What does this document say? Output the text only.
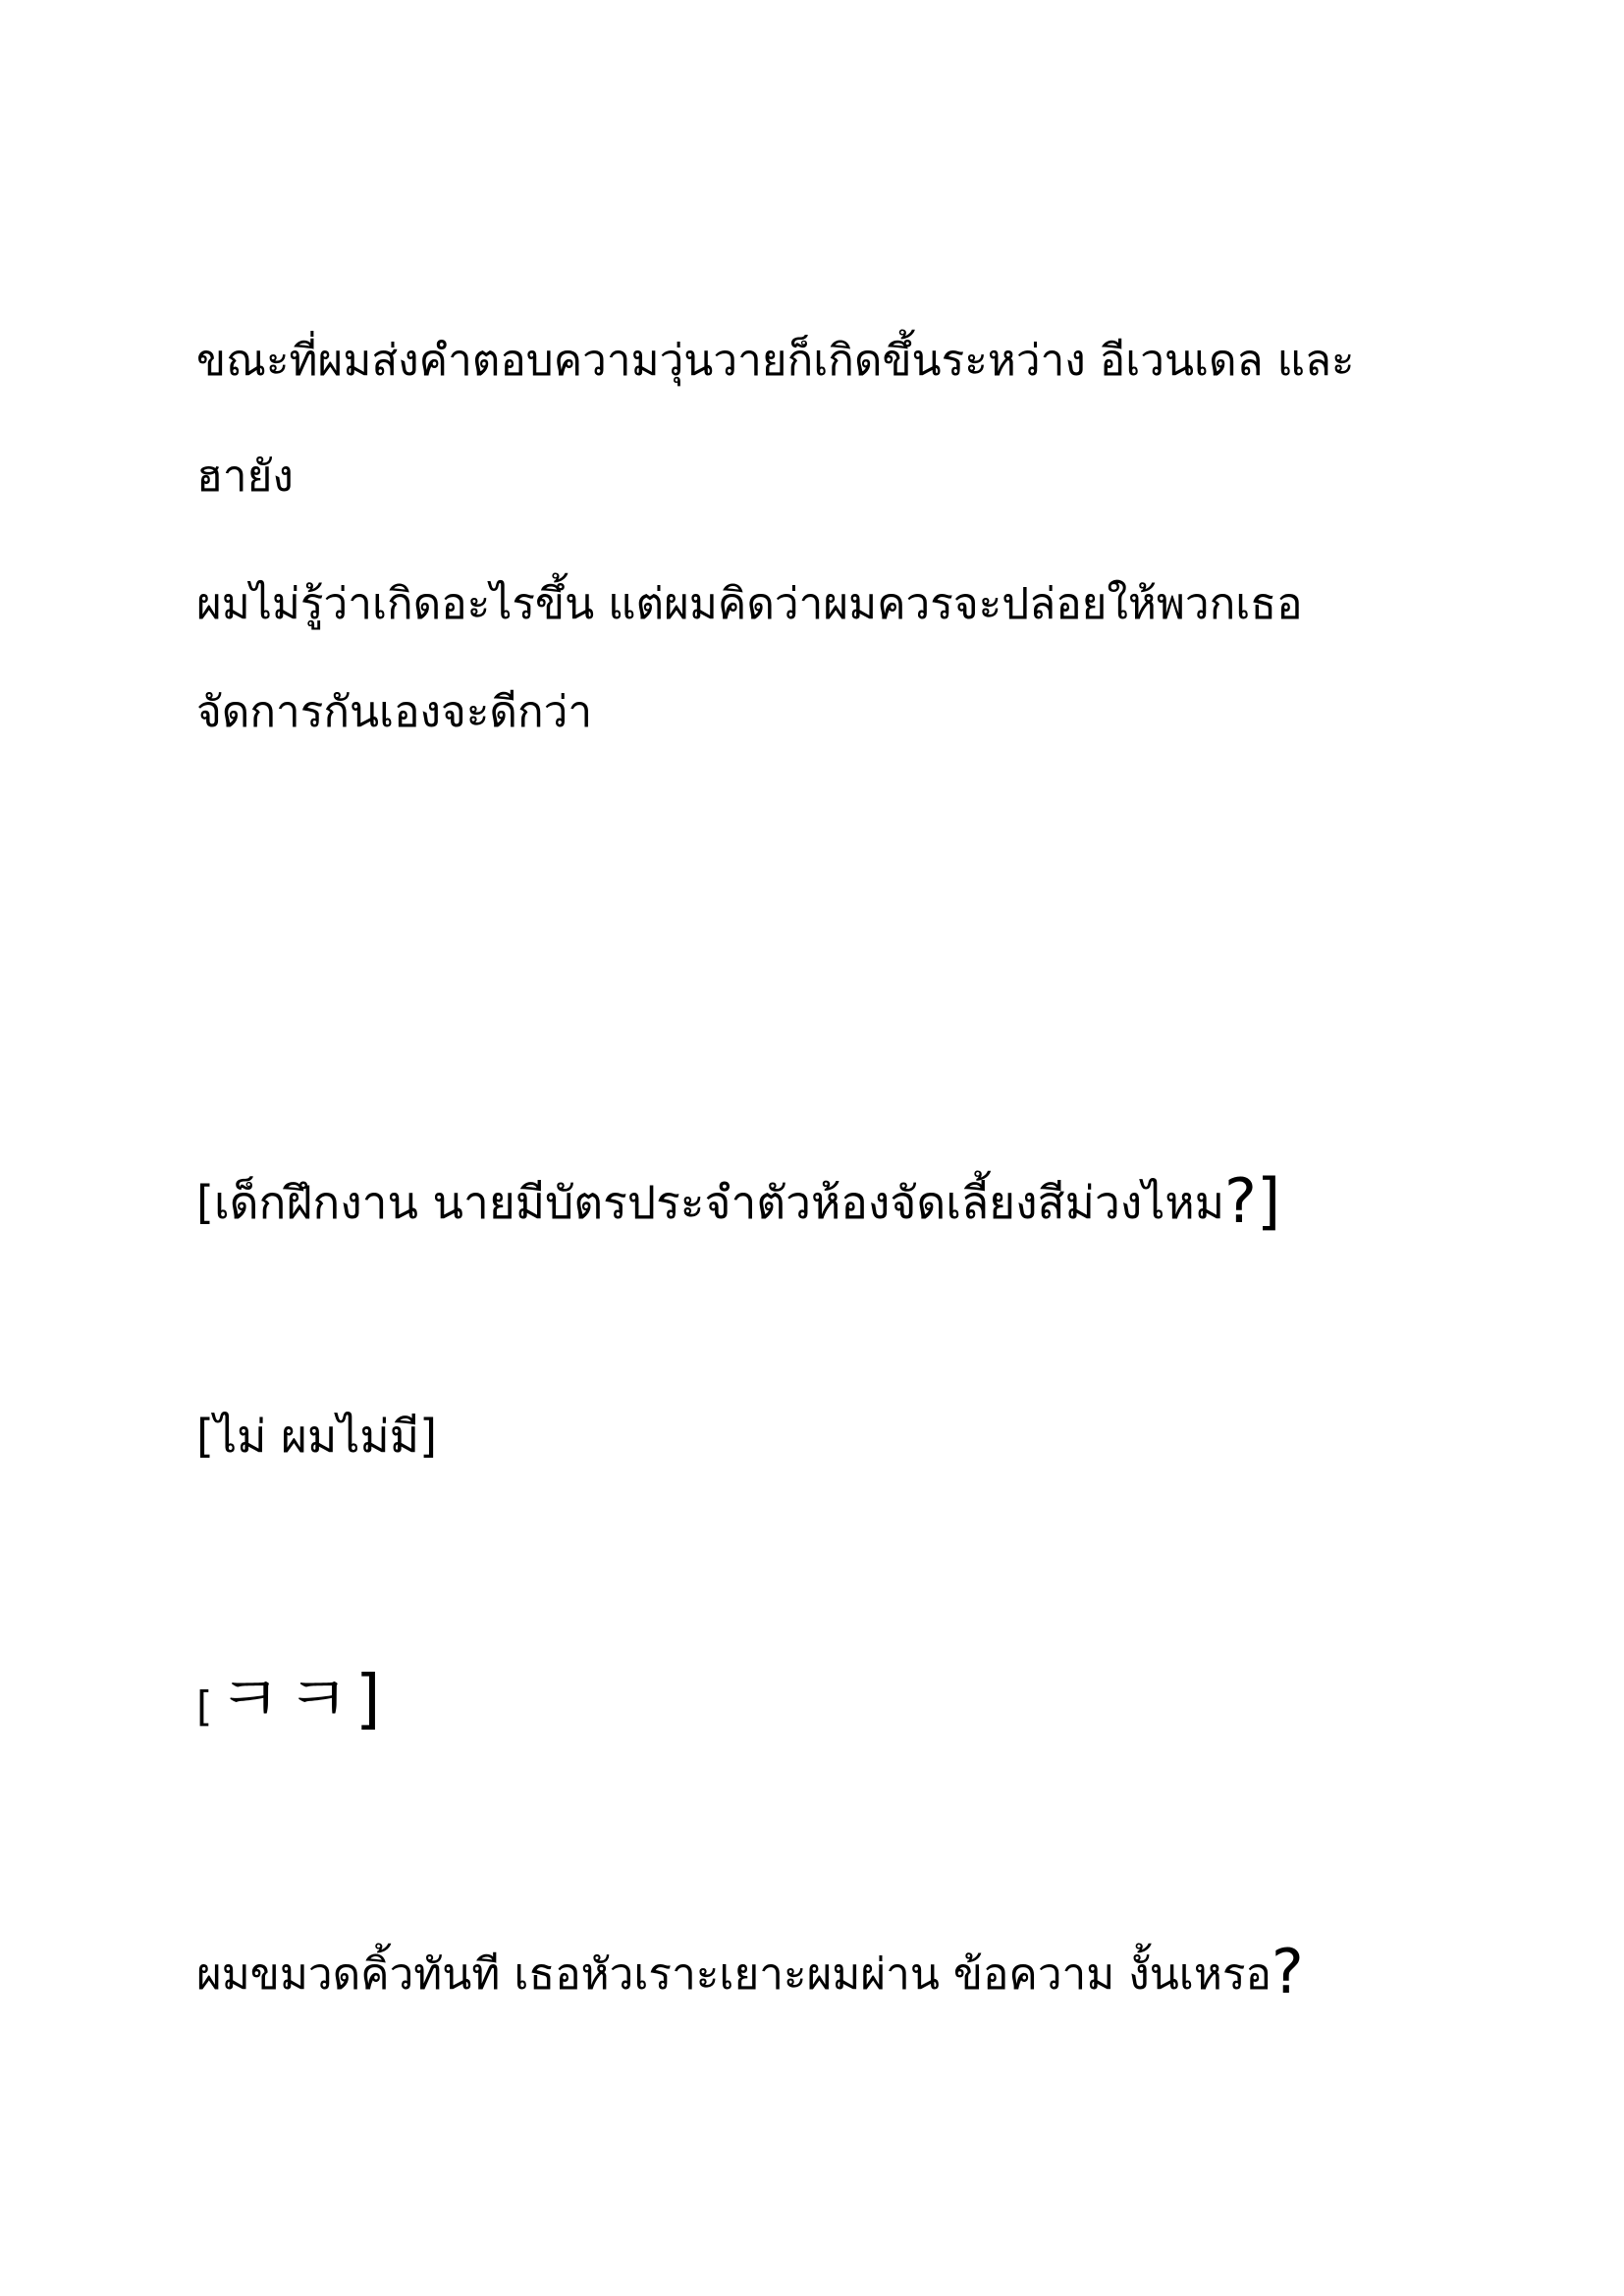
ขณะที่ผมส่งคำตอบความวุ่นวายก็เกิดขึ้นระหว่าง อีเวนเดล และ

ฮายัง

ผมไม่รู้ว่าเกิดอะไรขึ้น แต่ผมคิดว่าผมควรจะปล่อยให้พวกเธอ

จัดการกันเองจะดีกว่า

[เด็กฝึกงาน นายมีบัตรประจำตัวห้องจัดเลี้ยงสีม่วงไหม?]

[ไม่ ผมไม่มี]

[ㅋㅋ]

ผมขมวดคิ้วทันที เธอหัวเราะเยาะผมผ่าน ข้อความ งั้นเหรอ?
